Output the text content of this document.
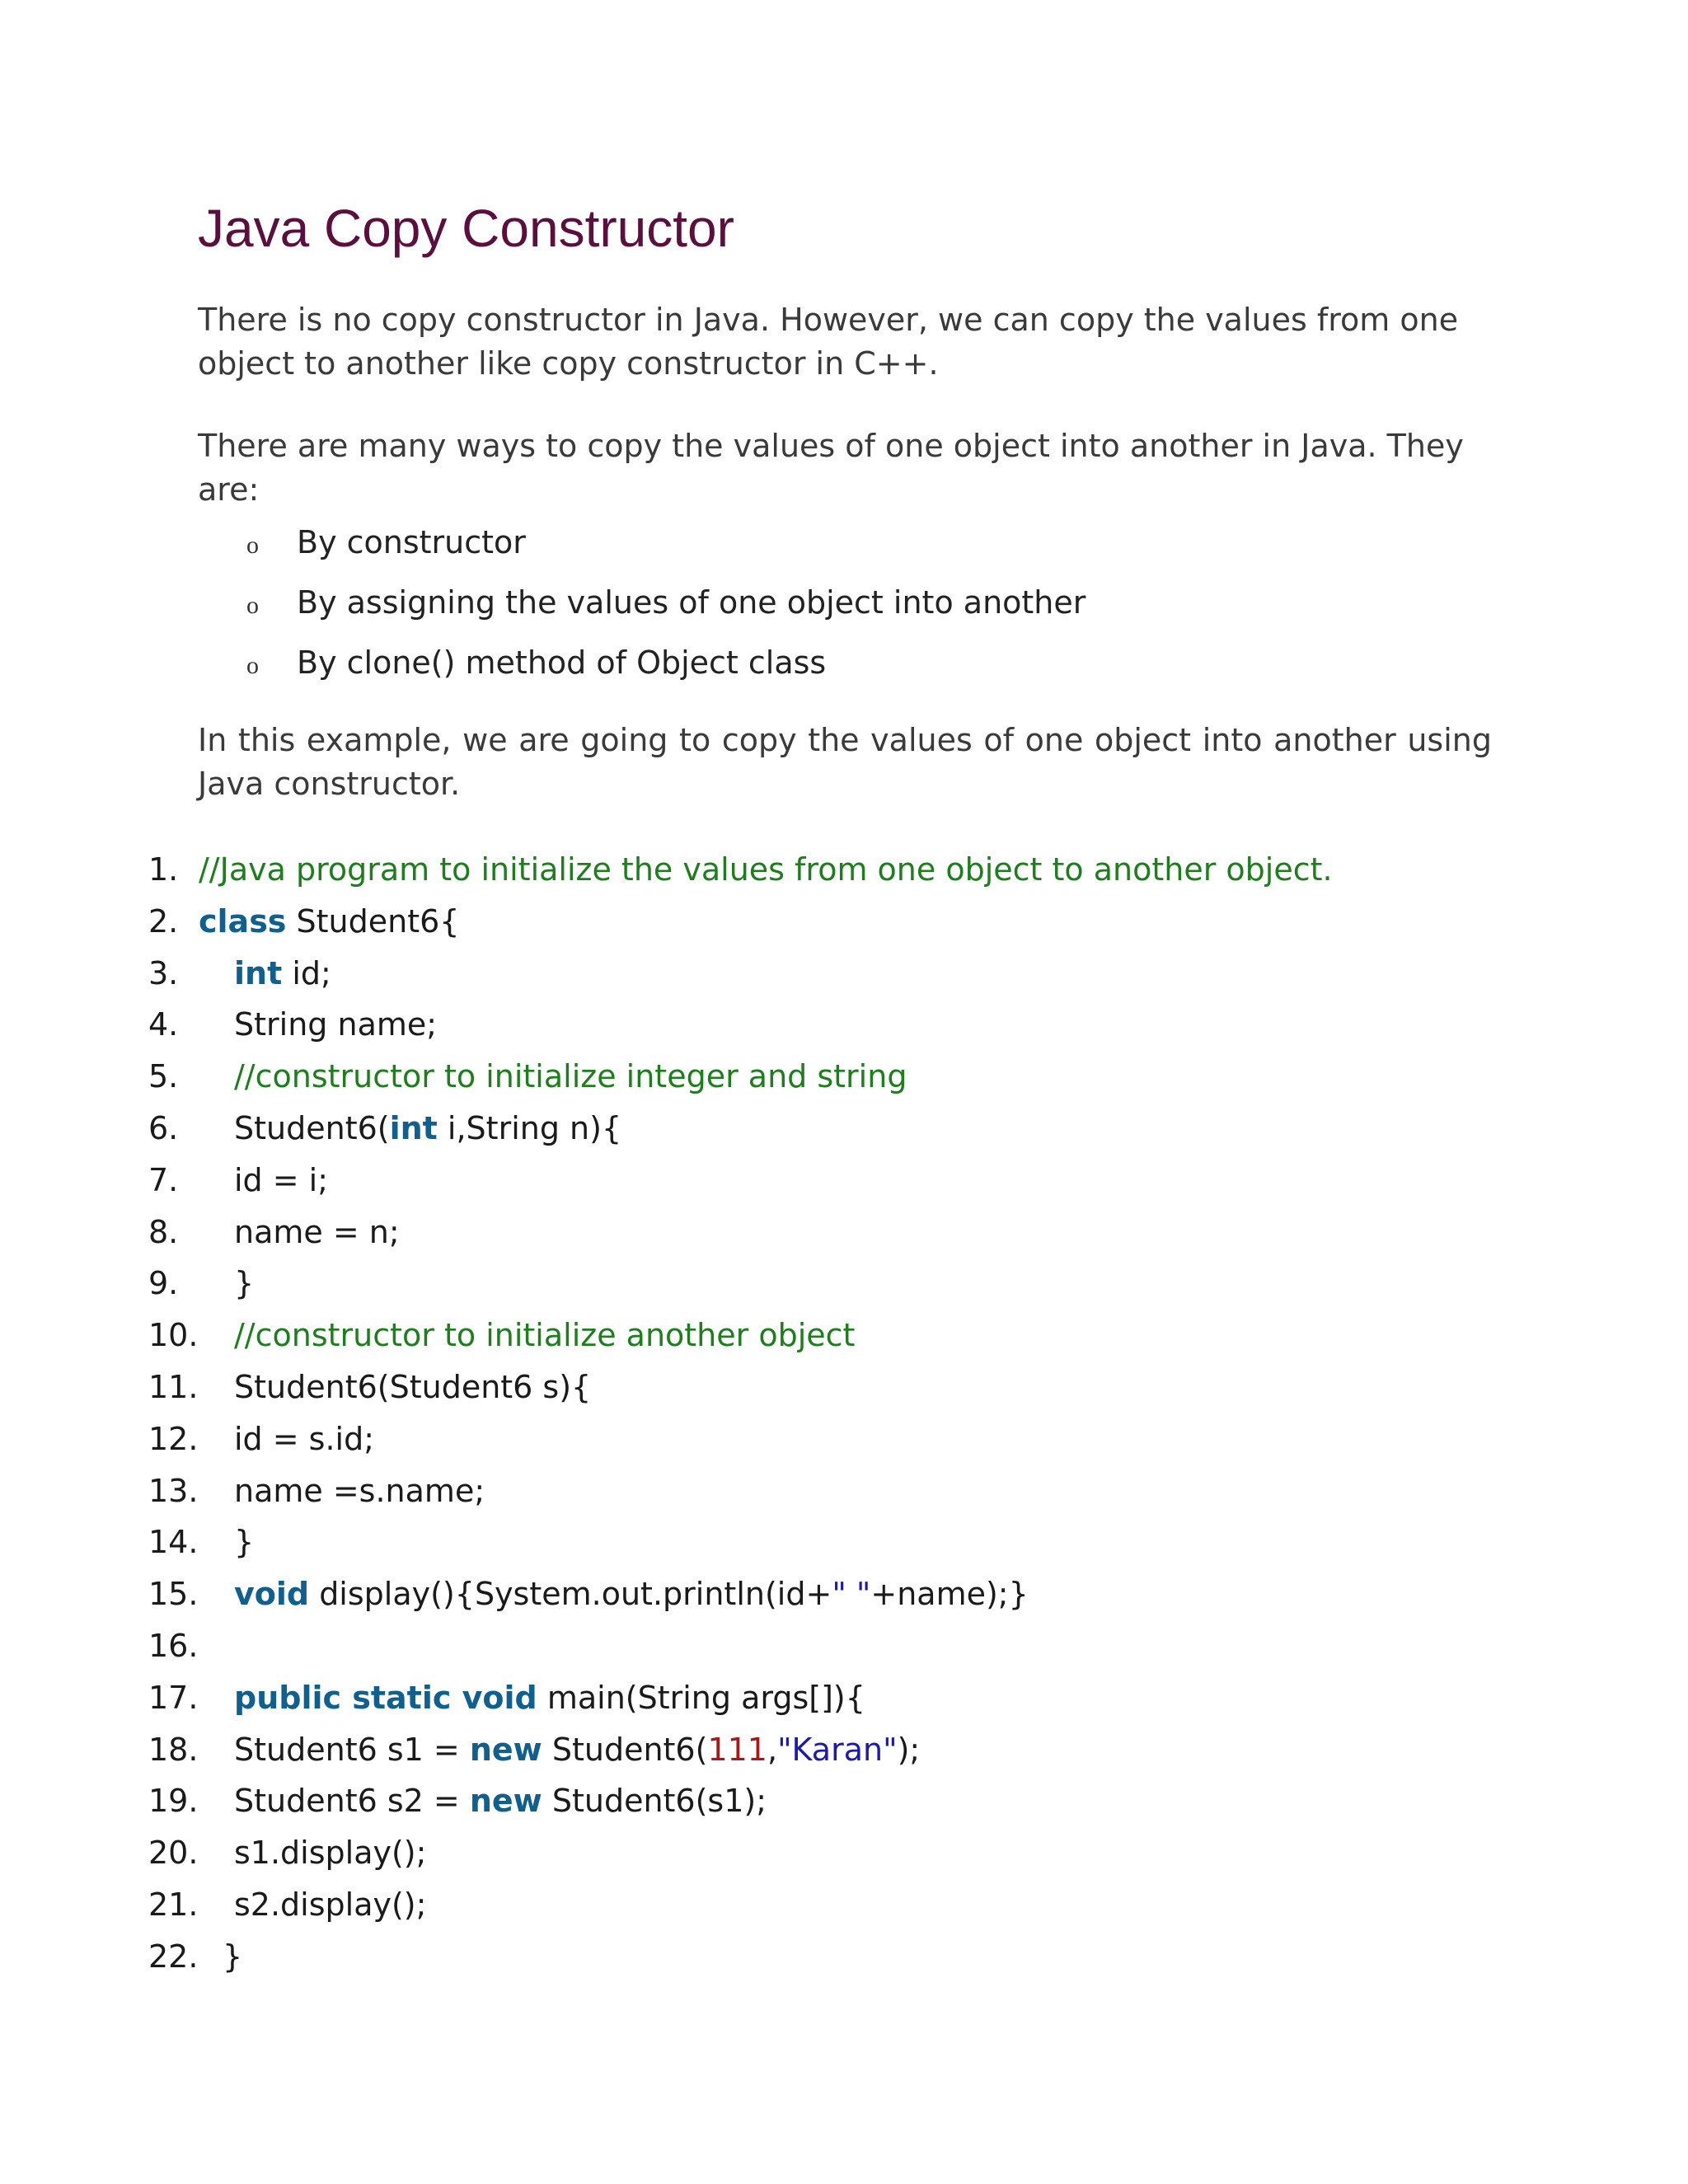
Java Copy Constructor

There is no copy constructor in Java. However, we can copy the values from one object to another like copy constructor in C++.

There are many ways to copy the values of one object into another in Java. They are:

o By constructor
o By assigning the values of one object into another
o By clone() method of Object class

In this example, we are going to copy the values of one object into another using Java constructor.

1.

//Java program to initialize the values from one object to another object.

2.

class Student6{

3.

int id;

4.

String name;

5.

//constructor to initialize integer and string

6.

Student6(int i,String n){

7.

id = i;

8.

name = n;

9.

}

10.

//constructor to initialize another object

11.

Student6(Student6 s){

12.

id = s.id;

13.

name =s.name;

14.

}

15.

void display(){System.out.println(id+" "+name);}

16.

17.

public static void main(String args[]){

18.

Student6 s1 = new Student6(111,"Karan");

19.

Student6 s2 = new Student6(s1);

20.

s1.display();

21.

s2.display();

22.

}
